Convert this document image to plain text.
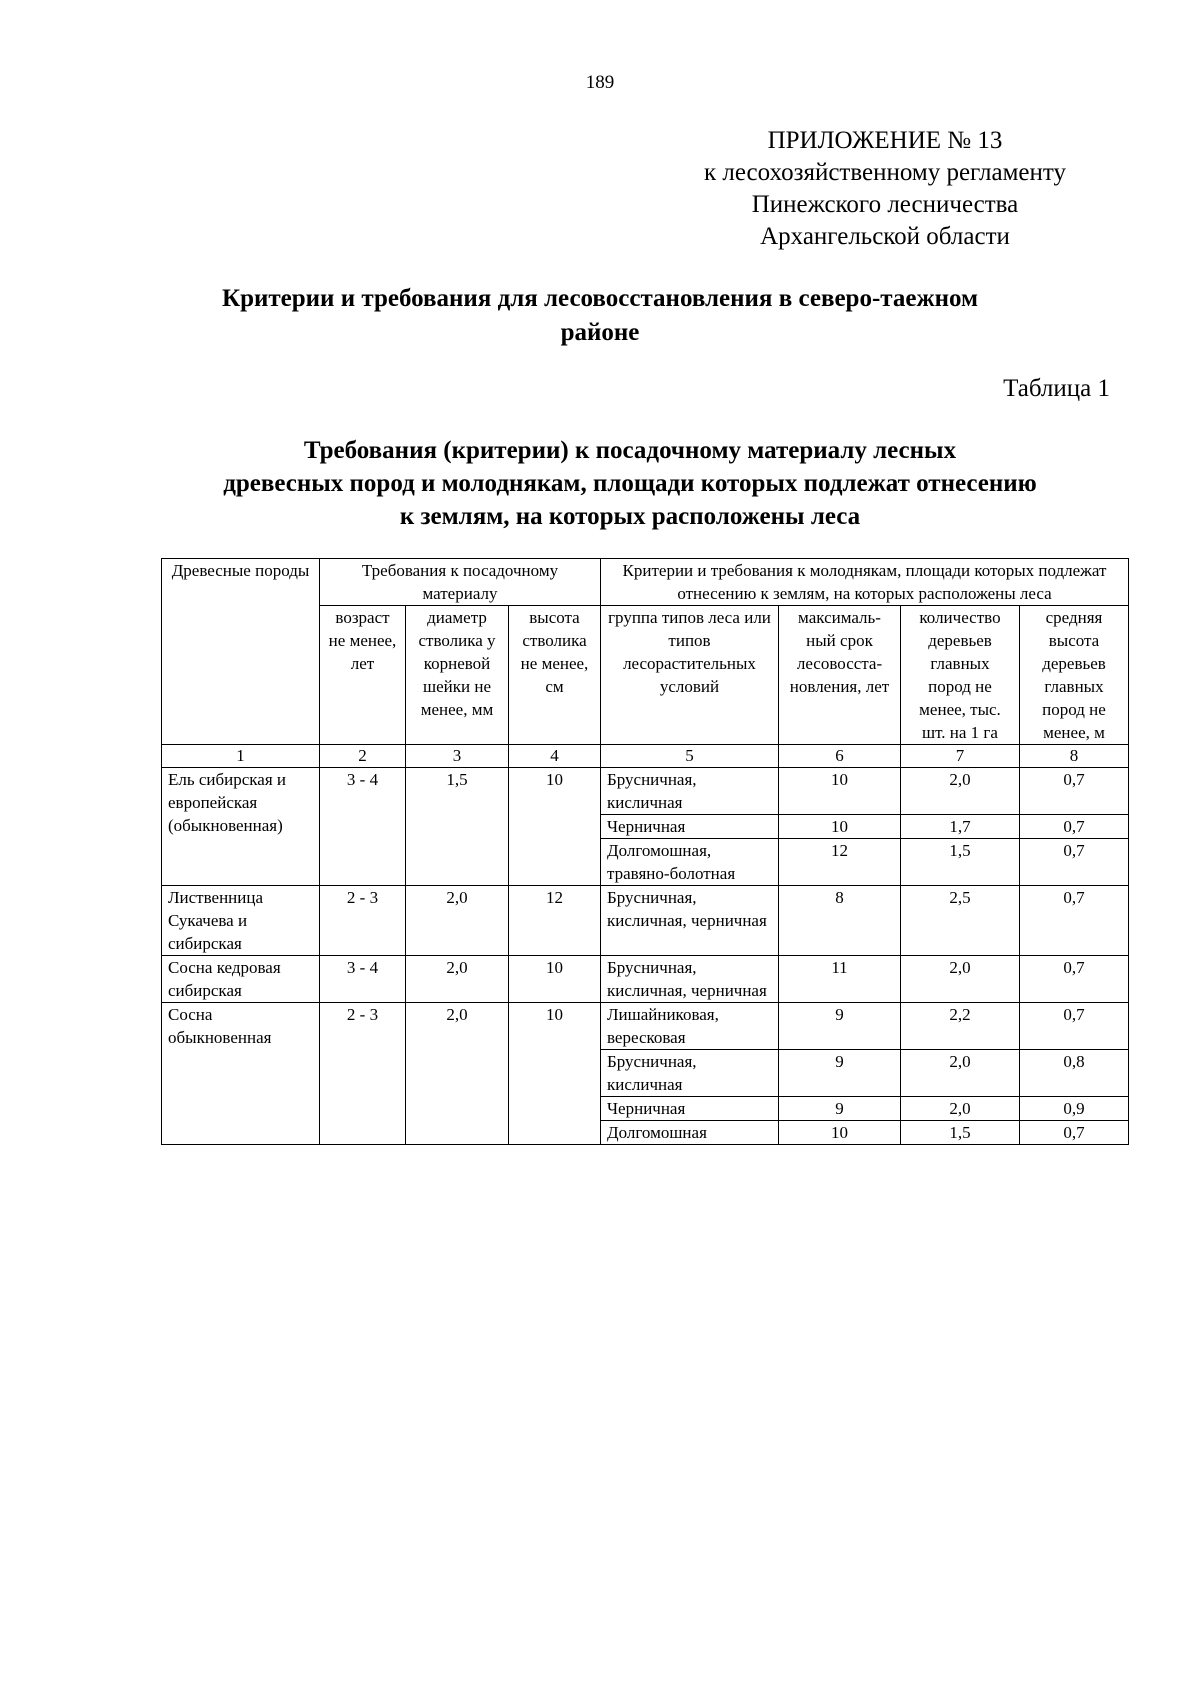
189
ПРИЛОЖЕНИЕ № 13
к лесохозяйственному регламенту
Пинежского лесничества
Архангельской области
Критерии и требования для лесовосстановления в северо-таежном
районе
Таблица 1
Требования (критерии) к посадочному материалу лесных
древесных пород и молоднякам, площади которых подлежат отнесению
к землям, на которых расположены леса
Древесные породы	Требования к посадочному материалу			Критерии и требования к молоднякам, площади которых подлежат отнесению к землям, на которых расположены леса			
	возраст не менее, лет	диаметр стволика у корневой шейки не менее, мм	высота стволика не менее, см	группа типов леса или типов лесорастительных условий	максималь-ный срок лесовосста-новления, лет	количество деревьев главных пород не менее, тыс. шт. на 1 га	средняя высота деревьев главных пород не менее, м
1	2	3	4	5	6	7	8
Ель сибирская и европейская (обыкновенная)	3 - 4	1,5	10	Брусничная, кисличная	10	2,0	0,7
				Черничная	10	1,7	0,7
				Долгомошная, травяно-болотная	12	1,5	0,7
Лиственница Сукачева и сибирская	2 - 3	2,0	12	Брусничная, кисличная, черничная	8	2,5	0,7
Сосна кедровая сибирская	3 - 4	2,0	10	Брусничная, кисличная, черничная	11	2,0	0,7
Сосна обыкновенная	2 - 3	2,0	10	Лишайниковая, вересковая	9	2,2	0,7
				Брусничная, кисличная	9	2,0	0,8
				Черничная	9	2,0	0,9
				Долгомошная	10	1,5	0,7
